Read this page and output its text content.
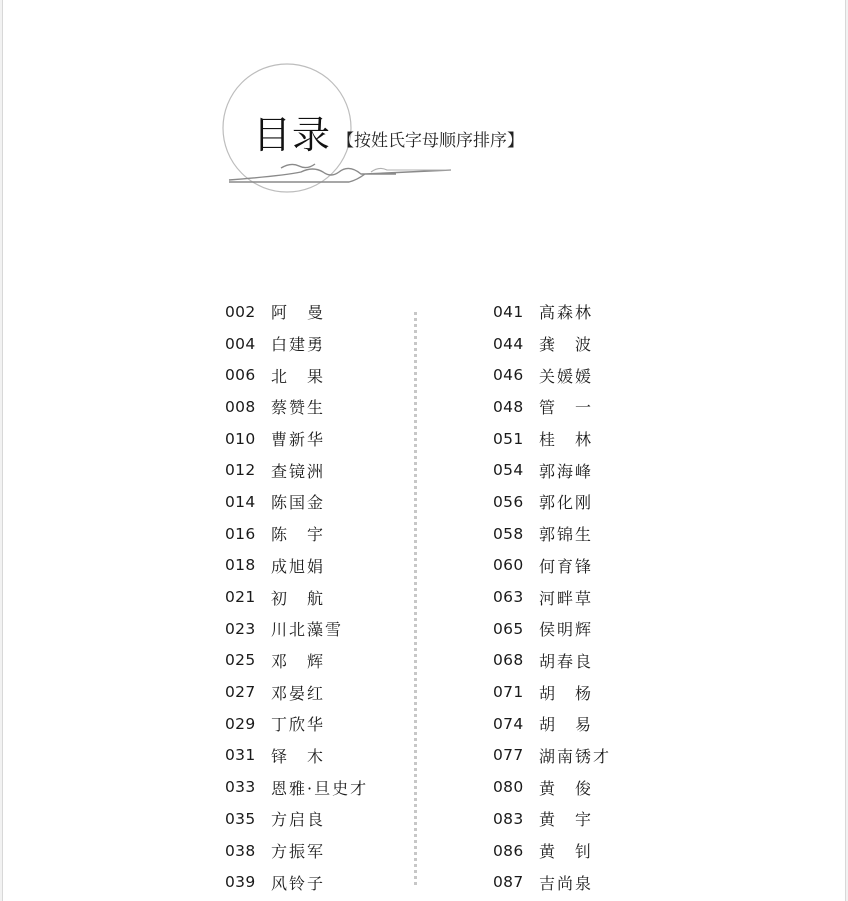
目录 【按姓氏字母顺序排序】
002 阿　曼
004 白建勇
006 北　果
008 蔡赞生
010 曹新华
012 查镜洲
014 陈国金
016 陈　宇
018 成旭娟
021 初　航
023 川北藻雪
025 邓　辉
027 邓晏红
029 丁欣华
031 铎　木
033 恩雅·旦史才
035 方启良
038 方振军
039 风铃子
041 高森林
044 龚　波
046 关媛媛
048 管　一
051 桂　林
054 郭海峰
056 郭化刚
058 郭锦生
060 何育锋
063 河畔草
065 侯明辉
068 胡春良
071 胡　杨
074 胡　易
077 湖南锈才
080 黄　俊
083 黄　宇
086 黄　钊
087 吉尚泉
